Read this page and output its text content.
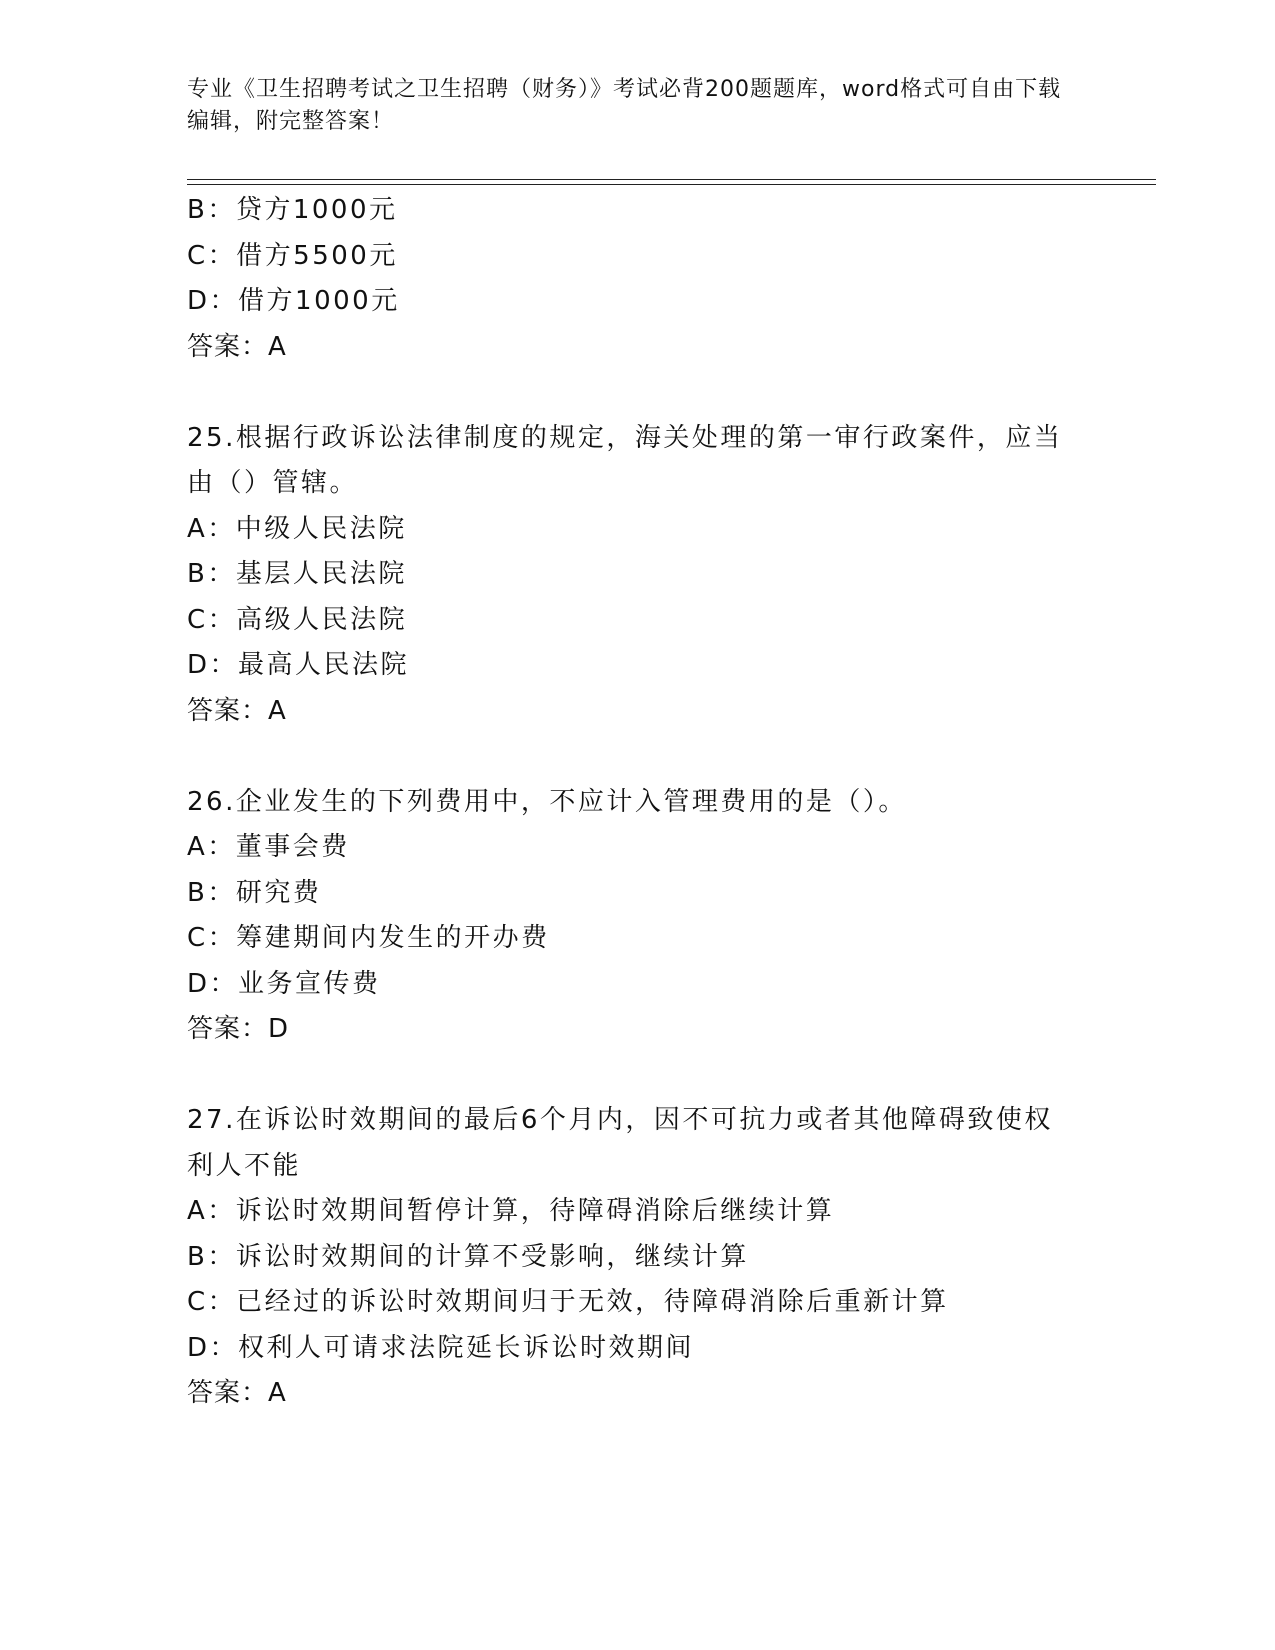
专业《卫生招聘考试之卫生招聘（财务）》考试必背200题题库，word格式可自由下载编辑，附完整答案！
B：贷方1000元
C：借方5500元
D：借方1000元
答案：A
25.根据行政诉讼法律制度的规定，海关处理的第一审行政案件，应当由（）管辖。
A：中级人民法院
B：基层人民法院
C：高级人民法院
D：最高人民法院
答案：A
26.企业发生的下列费用中，不应计入管理费用的是（）。
A：董事会费
B：研究费
C：筹建期间内发生的开办费
D：业务宣传费
答案：D
27.在诉讼时效期间的最后6个月内，因不可抗力或者其他障碍致使权利人不能
A：诉讼时效期间暂停计算，待障碍消除后继续计算
B：诉讼时效期间的计算不受影响，继续计算
C：已经过的诉讼时效期间归于无效，待障碍消除后重新计算
D：权利人可请求法院延长诉讼时效期间
答案：A
